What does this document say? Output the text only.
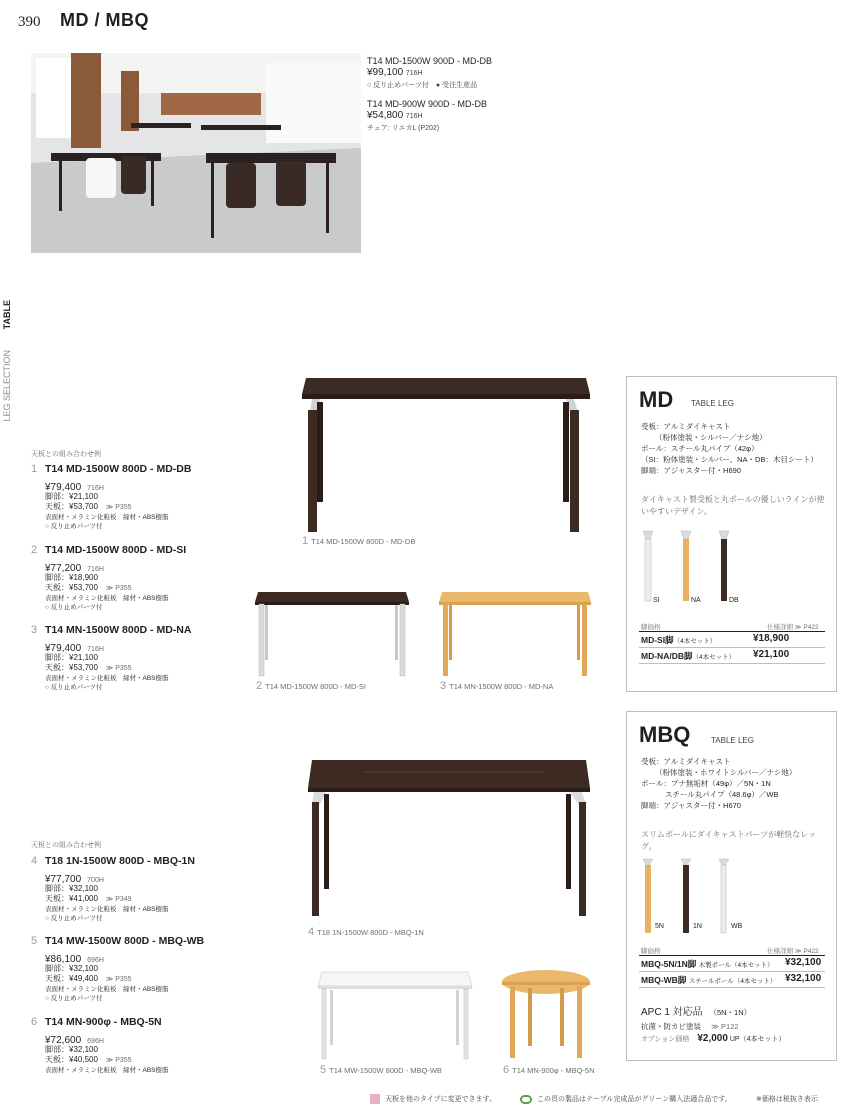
390 MD / MBQ
T14 MD-1500W 900D - MD-DB
¥99,100 716H
○ 反り止めパーツ付　● 受注生産品
T14 MD-900W 900D - MD-DB
¥54,800 716H
チェア: リエカL (P202)
TABLE
LEG SELECTION
天板との組み合わせ例
天板との組み合わせ例
1 T14 MD-1500W 800D - MD-DB
¥79,400 716H
脚部：¥21,100
天板：¥53,700 ≫ P355
表面材・メラミン化粧板　縁材・ABS樹脂
○ 反り止めパーツ付
2 T14 MD-1500W 800D - MD-SI
¥77,200 716H
脚部：¥18,900
天板：¥53,700 ≫ P355
表面材・メラミン化粧板　縁材・ABS樹脂
○ 反り止めパーツ付
3 T14 MN-1500W 800D - MD-NA
¥79,400 716H
脚部：¥21,100
天板：¥53,700 ≫ P355
表面材・メラミン化粧板　縁材・ABS樹脂
○ 反り止めパーツ付
4 T18 1N-1500W 800D - MBQ-1N
¥77,700 700H
脚部：¥32,100
天板：¥41,000 ≫ P349
表面材・メラミン化粧板　縁材・ABS樹脂
○ 反り止めパーツ付
5 T14 MW-1500W 800D - MBQ-WB
¥86,100 696H
脚部：¥32,100
天板：¥49,400 ≫ P355
表面材・メラミン化粧板　縁材・ABS樹脂
○ 反り止めパーツ付
6 T14 MN-900φ - MBQ-5N
¥72,600 696H
脚部：¥32,100
天板：¥40,500 ≫ P355
表面材・メラミン化粧板　縁材・ABS樹脂
1 T14 MD-1500W 800D - MD-DB
2 T14 MD-1500W 800D - MD-SI	3 T14 MN-1500W 800D - MD-NA
4 T18 1N-1500W 800D - MBQ-1N
5 T14 MW-1500W 800D - MBQ-WB	6 T14 MN-900φ - MBQ-5N
MD TABLE LEG
受板：アルミダイキャスト
（粉体塗装・シルバー／ナシ地）
ポール：スチール丸パイプ（42φ）
（SI：粉体塗装・シルバー、NA・DB：木目シート）
脚端：アジャスター付・H690
ダイキャスト製受板と丸ポールの優しいラインが使いやすいデザイン。
SI	NA	DB
脚価格	仕様詳細 ≫ P422
MD-SI脚（4本セット）	¥18,900
MD-NA/DB脚（4本セット） ¥21,100
MBQ	TABLE LEG
受板：アルミダイキャスト
（粉体塗装・ホワイトシルバー／ナシ地）
ポール：ブナ無垢材（49φ）／5N・1N
スチール丸パイプ（48.6φ）／WB
脚端：アジャスター付・H670
スリムポールにダイキャストパーツが軽快なレッグ。
5N	1N	WB
脚価格	仕様詳細 ≫ P422
MBQ-5N/1N脚 木製ポール（4本セット） ¥32,100
MBQ-WB脚 スチールポール（4本セット） ¥32,100
APC 1 対応品 （5N・1N）
抗菌・防カビ塗装 ≫ P122
オプション価格 ¥2,000 UP（4本セット）
天板を他のタイプに変更できます。	この頁の製品はテーブル完成品がグリーン購入法適合品です。	※価格は税抜き表示
